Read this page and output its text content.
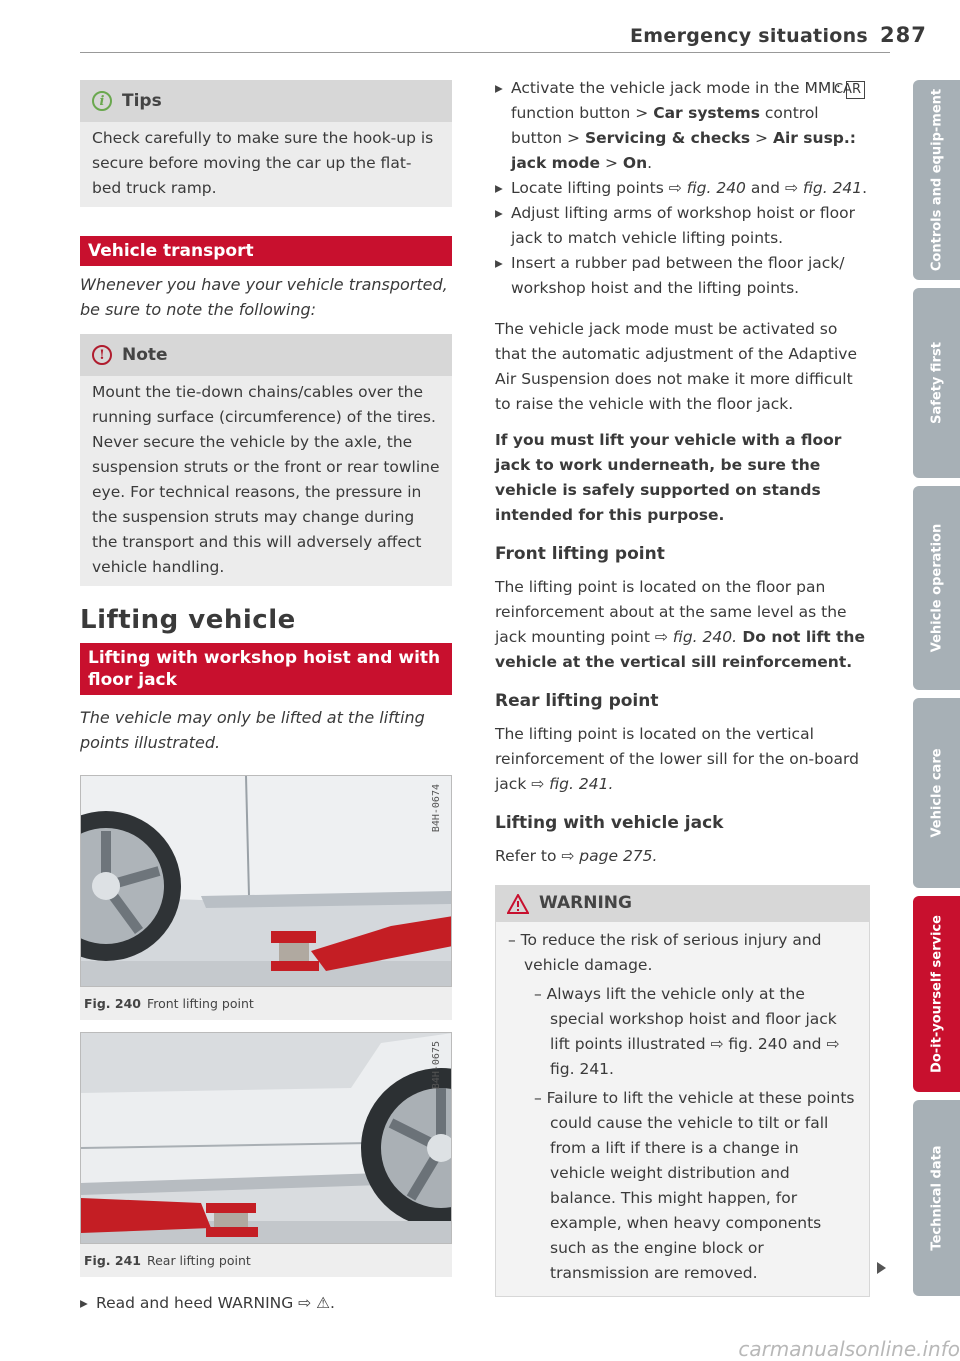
Emergency situations 287
i	Tips
Check carefully to make sure the hook-up is secure before moving the car up the flat-bed truck ramp.
Vehicle transport
Whenever you have your vehicle transported, be sure to note the following:
!	Note
Mount the tie-down chains/cables over the running surface (circumference) of the tires. Never secure the vehicle by the axle, the suspension struts or the front or rear towline eye. For technical reasons, the pressure in the suspension struts may change during the transport and this will adversely affect vehicle handling.
Lifting vehicle
Lifting with workshop hoist and with floor jack
The vehicle may only be lifted at the lifting points illustrated.
B4H-0674
Fig. 240 Front lifting point
B4H-0675
Fig. 241 Rear lifting point

▸ Read and heed WARNING ⇨ ⚠.

▸ Activate the vehicle jack mode in the MMI: CAR function button > Car systems control button > Servicing & checks > Air susp.: jack mode > On.

▸ Locate lifting points ⇨ fig. 240 and ⇨ fig. 241.

▸ Adjust lifting arms of workshop hoist or floor jack to match vehicle lifting points.

▸ Insert a rubber pad between the floor jack/ workshop hoist and the lifting points.

The vehicle jack mode must be activated so that the automatic adjustment of the Adaptive Air Suspension does not make it more difficult to raise the vehicle with the floor jack.
If you must lift your vehicle with a floor jack to work underneath, be sure the vehicle is safely supported on stands intended for this purpose.
Front lifting point
The lifting point is located on the floor pan reinforcement about at the same level as the jack mounting point ⇨ fig. 240. Do not lift the vehicle at the vertical sill reinforcement.
Rear lifting point
The lifting point is located on the vertical reinforcement of the lower sill for the on-board jack ⇨ fig. 241.
Lifting with vehicle jack
Refer to ⇨ page 275.
WARNING

– To reduce the risk of serious injury and vehicle damage.

– Always lift the vehicle only at the special workshop hoist and floor jack lift points illustrated ⇨ fig. 240 and ⇨ fig. 241.

– Failure to lift the vehicle at these points could cause the vehicle to tilt or fall from a lift if there is a change in vehicle weight distribution and balance. This might happen, for example, when heavy components such as the engine block or transmission are removed.

Controls and equip-ment
Safety first
Vehicle operation
Vehicle care
Do-it-yourself service
Technical data
carmanualsonline.info
